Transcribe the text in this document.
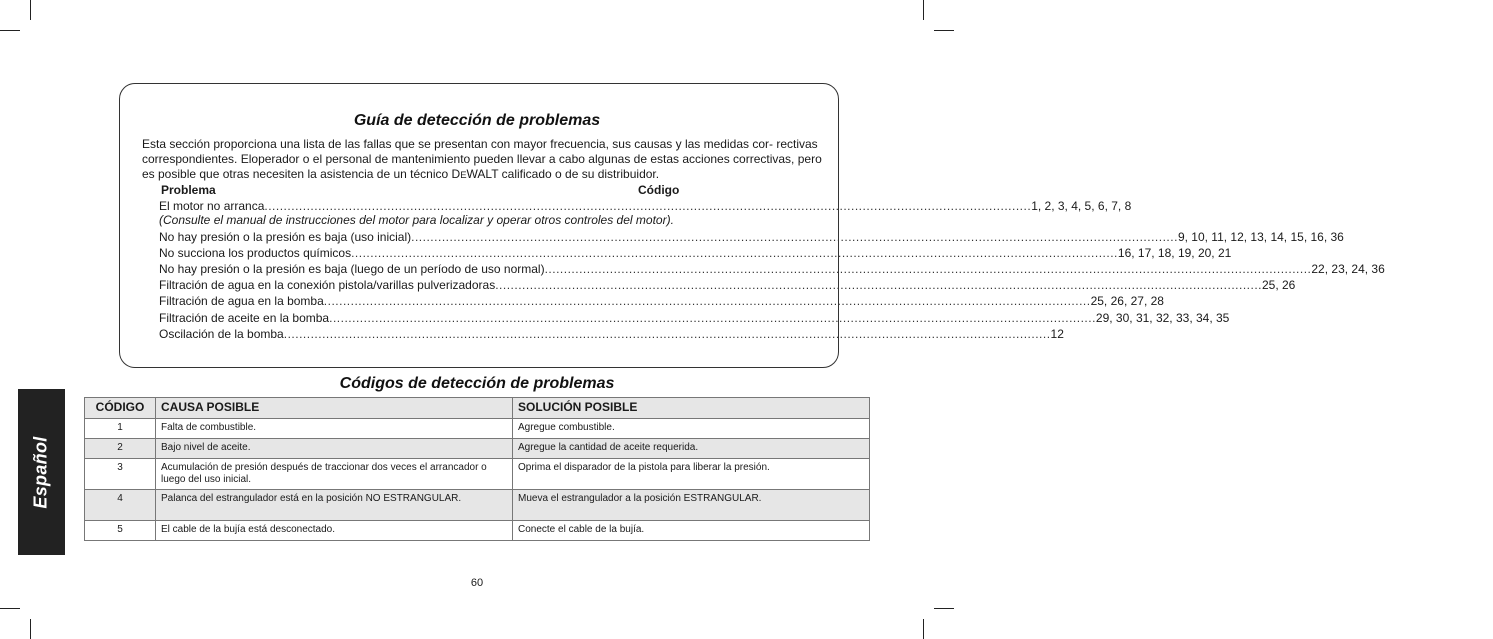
Guía de detección de problemas
Esta sección proporciona una lista de las fallas que se presentan con mayor frecuencia, sus causas y las medidas cor- rectivas correspondientes. Eloperador o el personal de mantenimiento pueden llevar a cabo algunas de estas acciones correctivas, pero es posible que otras necesiten la asistencia de un técnico DEWALT calificado o de su distribuidor.
Problema	Código
El motor no arranca ........................................................................................................................................................................................................ 1, 2, 3, 4, 5, 6, 7, 8
(Consulte el manual de instrucciones del motor para localizar y operar otros controles del motor).
No hay presión o la presión es baja (uso inicial) ........................................................................................................................................................................................................ 9, 10, 11, 12, 13, 14, 15, 16, 36
No succiona los productos químicos ........................................................................................................................................................................................................ 16, 17, 18, 19, 20, 21
No hay presión o la presión es baja (luego de un período de uso normal) ........................................................................................................................................................................................................ 22, 23, 24, 36
Filtración de agua en la conexión pistola/varillas pulverizadoras ........................................................................................................................................................................................................ 25, 26
Filtración de agua en la bomba ........................................................................................................................................................................................................ 25, 26, 27, 28
Filtración de aceite en la bomba ........................................................................................................................................................................................................ 29, 30, 31, 32, 33, 34, 35
Oscilación de la bomba ........................................................................................................................................................................................................ 12
Códigos de detección de problemas
CÓDIGO	CAUSA POSIBLE	SOLUCIÓN POSIBLE
1	Falta de combustible.	Agregue combustible.
2	Bajo nivel de aceite.	Agregue la cantidad de aceite requerida.
3	Acumulación de presión después de traccionar dos veces el arrancador o luego del uso inicial.	Oprima el disparador de la pistola para liberar la presión.
4	Palanca del estrangulador está en la posición NO ESTRANGULAR.	Mueva el estrangulador a la posición ESTRANGULAR.
5	El cable de la bujía está desconectado.	Conecte el cable de la bujía.
Español
60
